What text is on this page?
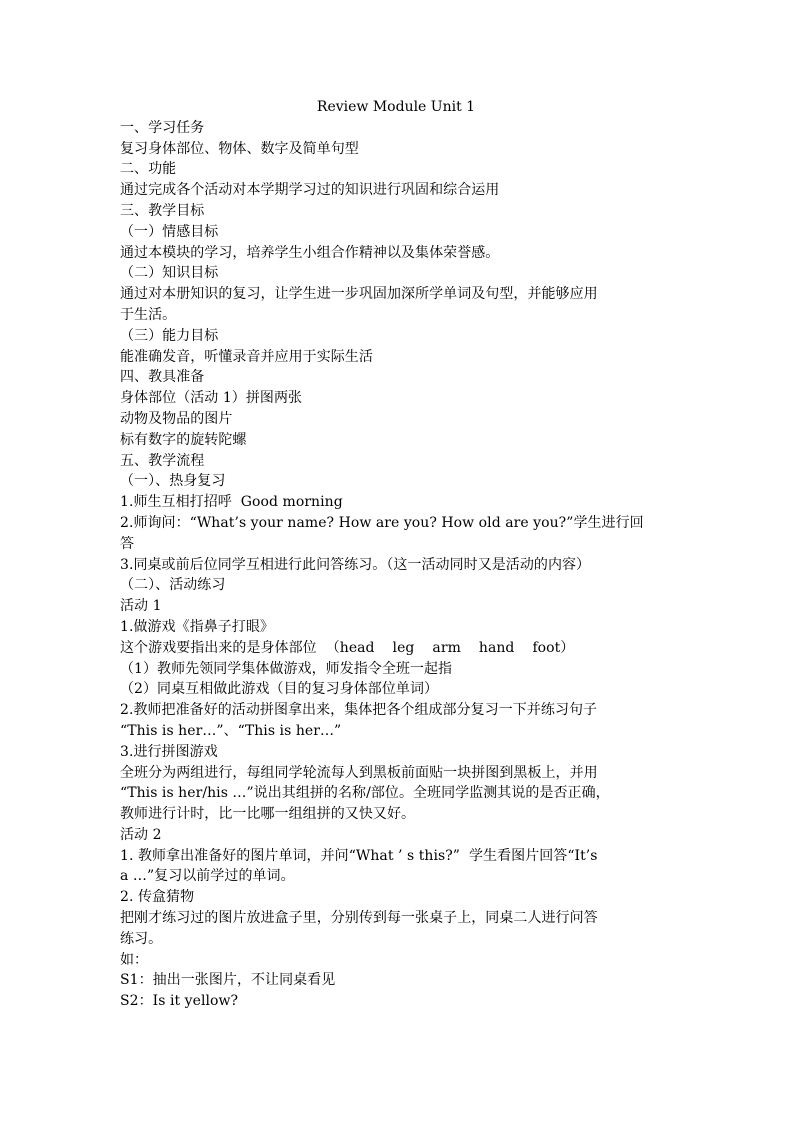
Review Module Unit 1
一、学习任务
复习身体部位、物体、数字及简单句型
二、功能
通过完成各个活动对本学期学习过的知识进行巩固和综合运用
三、教学目标
（一）情感目标
通过本模块的学习，培养学生小组合作精神以及集体荣誉感。
（二）知识目标
通过对本册知识的复习，让学生进一步巩固加深所学单词及句型，并能够应用
于生活。
（三）能力目标
能准确发音，听懂录音并应用于实际生活
四、教具准备
身体部位（活动 1）拼图两张
动物及物品的图片
标有数字的旋转陀螺
五、教学流程
（一）、热身复习
1.师生互相打招呼  Good morning
2.师询问：“What’s your name? How are you? How old are you?”学生进行回
答
3.同桌或前后位同学互相进行此问答练习。（这一活动同时又是活动的内容）
（二）、活动练习
活动 1
1.做游戏《指鼻子打眼》
这个游戏要指出来的是身体部位  （head    leg    arm    hand    foot）
（1）教师先领同学集体做游戏，师发指令全班一起指
（2）同桌互相做此游戏（目的复习身体部位单词）
2.教师把准备好的活动拼图拿出来，集体把各个组成部分复习一下并练习句子
“This is her…”、“This is her…”
3.进行拼图游戏
全班分为两组进行，每组同学轮流每人到黑板前面贴一块拼图到黑板上，并用
“This is her/his …”说出其组拼的名称/部位。全班同学监测其说的是否正确，
教师进行计时，比一比哪一组组拼的又快又好。
活动 2
1. 教师拿出准备好的图片单词，并问“What ’ s this?”  学生看图片回答“It’s
a …”复习以前学过的单词。
2. 传盒猜物
把刚才练习过的图片放进盒子里，分别传到每一张桌子上，同桌二人进行问答
练习。
如：
S1：抽出一张图片，不让同桌看见
S2：Is it yellow?
